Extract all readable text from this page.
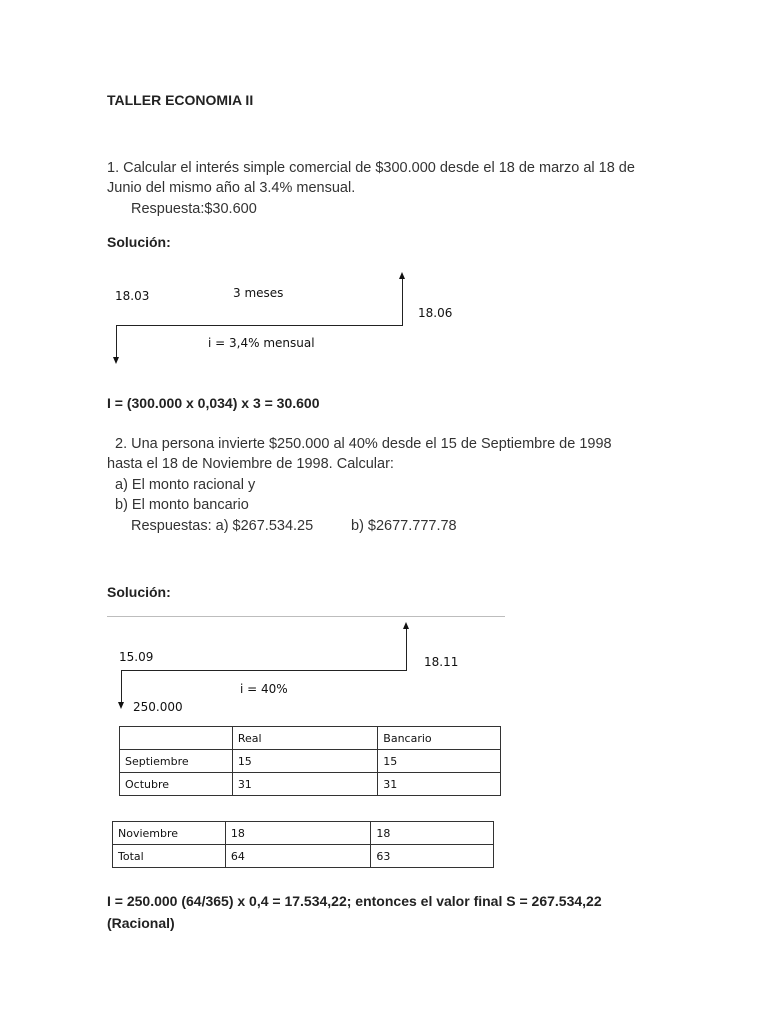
TALLER ECONOMIA II
1. Calcular el interés simple comercial de $300.000 desde el 18 de marzo al 18 de
Junio del mismo año al 3.4% mensual.
Respuesta:$30.600
Solución:
18.03	3 meses
18.06
i = 3,4% mensual
I = (300.000 x 0,034) x 3 = 30.600
2. Una persona invierte $250.000 al 40% desde el 15 de Septiembre de 1998
hasta el 18 de Noviembre de 1998. Calcular:
a) El monto racional y
b) El monto bancario
Respuestas: a) $267.534.25	b) $2677.777.78
Solución:
15.09	18.11
i = 40%
250.000
	Real	Bancario
Septiembre	15	15
Octubre	31	31
Noviembre	18	18
Total	64	63
I = 250.000 (64/365) x 0,4 = 17.534,22; entonces el valor final S = 267.534,22
(Racional)
